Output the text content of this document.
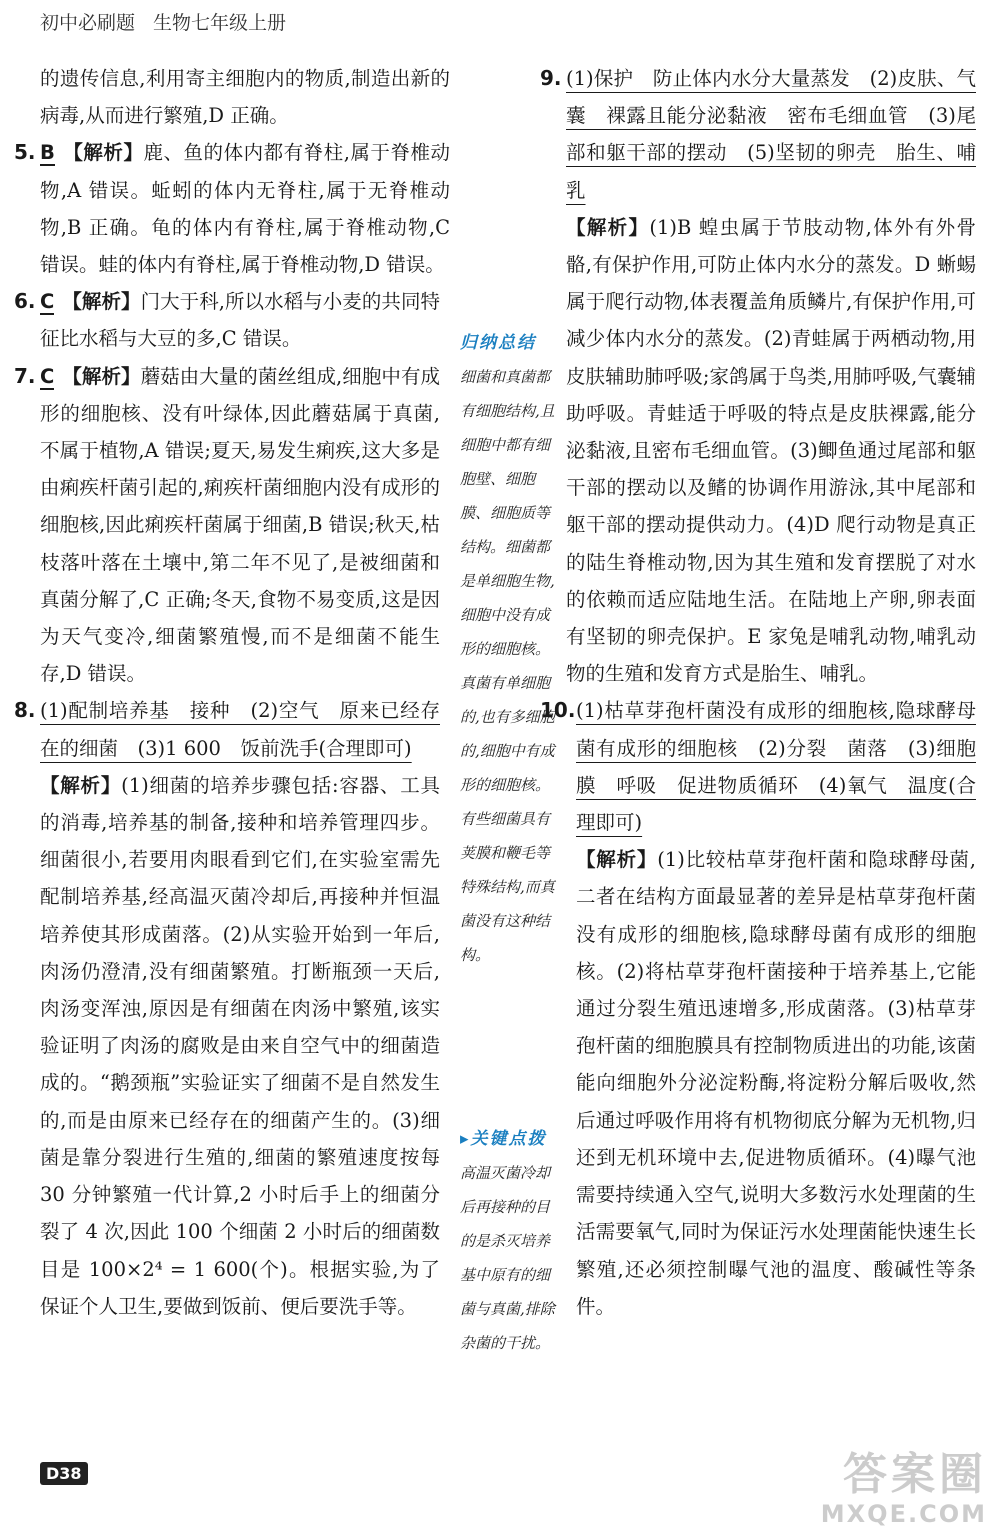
初中必刷题 生物七年级上册

的遗传信息,利用寄主细胞内的物质,制造出新的病毒,从而进行繁殖,D 正确。

5. B 【解析】鹿、鱼的体内都有脊柱,属于脊椎动物,A 错误。蚯蚓的体内无脊柱,属于无脊椎动物,B 正确。龟的体内有脊柱,属于脊椎动物,C 错误。蛙的体内有脊柱,属于脊椎动物,D 错误。

6. C 【解析】门大于科,所以水稻与小麦的共同特征比水稻与大豆的多,C 错误。

7. C 【解析】蘑菇由大量的菌丝组成,细胞中有成形的细胞核、没有叶绿体,因此蘑菇属于真菌,不属于植物,A 错误;夏天,易发生痢疾,这大多是由痢疾杆菌引起的,痢疾杆菌细胞内没有成形的细胞核,因此痢疾杆菌属于细菌,B 错误;秋天,枯枝落叶落在土壤中,第二年不见了,是被细菌和真菌分解了,C 正确;冬天,食物不易变质,这是因为天气变冷,细菌繁殖慢,而不是细菌不能生存,D 错误。

8. (1)配制培养基　接种　(2)空气　原来已经存在的细菌　(3)1 600　饭前洗手(合理即可)

【解析】(1)细菌的培养步骤包括:容器、工具的消毒,培养基的制备,接种和培养管理四步。细菌很小,若要用肉眼看到它们,在实验室需先配制培养基,经高温灭菌冷却后,再接种并恒温培养使其形成菌落。(2)从实验开始到一年后,肉汤仍澄清,没有细菌繁殖。打断瓶颈一天后,肉汤变浑浊,原因是有细菌在肉汤中繁殖,该实验证明了肉汤的腐败是由来自空气中的细菌造成的。“鹅颈瓶”实验证实了细菌不是自然发生的,而是由原来已经存在的细菌产生的。(3)细菌是靠分裂进行生殖的,细菌的繁殖速度按每 30 分钟繁殖一代计算,2 小时后手上的细菌分裂了 4 次,因此 100 个细菌 2 小时后的细菌数目是 100×2⁴ = 1 600(个)。根据实验,为了保证个人卫生,要做到饭前、便后要洗手等。

归纳总结
细菌和真菌都有细胞结构,且细胞中都有细胞壁、细胞膜、细胞质等结构。细菌都是单细胞生物,细胞中没有成形的细胞核。真菌有单细胞的,也有多细胞的,细胞中有成形的细胞核。有些细菌具有荚膜和鞭毛等特殊结构,而真菌没有这种结构。
▸关键点拨
高温灭菌冷却后再接种的目的是杀灭培养基中原有的细菌与真菌,排除杂菌的干扰。

9. (1)保护　防止体内水分大量蒸发　(2)皮肤、气囊　裸露且能分泌黏液　密布毛细血管　(3)尾部和躯干部的摆动　(5)坚韧的卵壳　胎生、哺乳

【解析】(1)B 蝗虫属于节肢动物,体外有外骨骼,有保护作用,可防止体内水分的蒸发。D 蜥蜴属于爬行动物,体表覆盖角质鳞片,有保护作用,可减少体内水分的蒸发。(2)青蛙属于两栖动物,用皮肤辅助肺呼吸;家鸽属于鸟类,用肺呼吸,气囊辅助呼吸。青蛙适于呼吸的特点是皮肤裸露,能分泌黏液,且密布毛细血管。(3)鲫鱼通过尾部和躯干部的摆动以及鳍的协调作用游泳,其中尾部和躯干部的摆动提供动力。(4)D 爬行动物是真正的陆生脊椎动物,因为其生殖和发育摆脱了对水的依赖而适应陆地生活。在陆地上产卵,卵表面有坚韧的卵壳保护。E 家兔是哺乳动物,哺乳动物的生殖和发育方式是胎生、哺乳。

10.(1)枯草芽孢杆菌没有成形的细胞核,隐球酵母菌有成形的细胞核　(2)分裂　菌落　(3)细胞膜　呼吸　促进物质循环　(4)氧气　温度(合理即可)

【解析】(1)比较枯草芽孢杆菌和隐球酵母菌,二者在结构方面最显著的差异是枯草芽孢杆菌没有成形的细胞核,隐球酵母菌有成形的细胞核。(2)将枯草芽孢杆菌接种于培养基上,它能通过分裂生殖迅速增多,形成菌落。(3)枯草芽孢杆菌的细胞膜具有控制物质进出的功能,该菌能向细胞外分泌淀粉酶,将淀粉分解后吸收,然后通过呼吸作用将有机物彻底分解为无机物,归还到无机环境中去,促进物质循环。(4)曝气池需要持续通入空气,说明大多数污水处理菌的生活需要氧气,同时为保证污水处理菌能快速生长繁殖,还必须控制曝气池的温度、酸碱性等条件。

D38	答案圈
MXQE.COM
